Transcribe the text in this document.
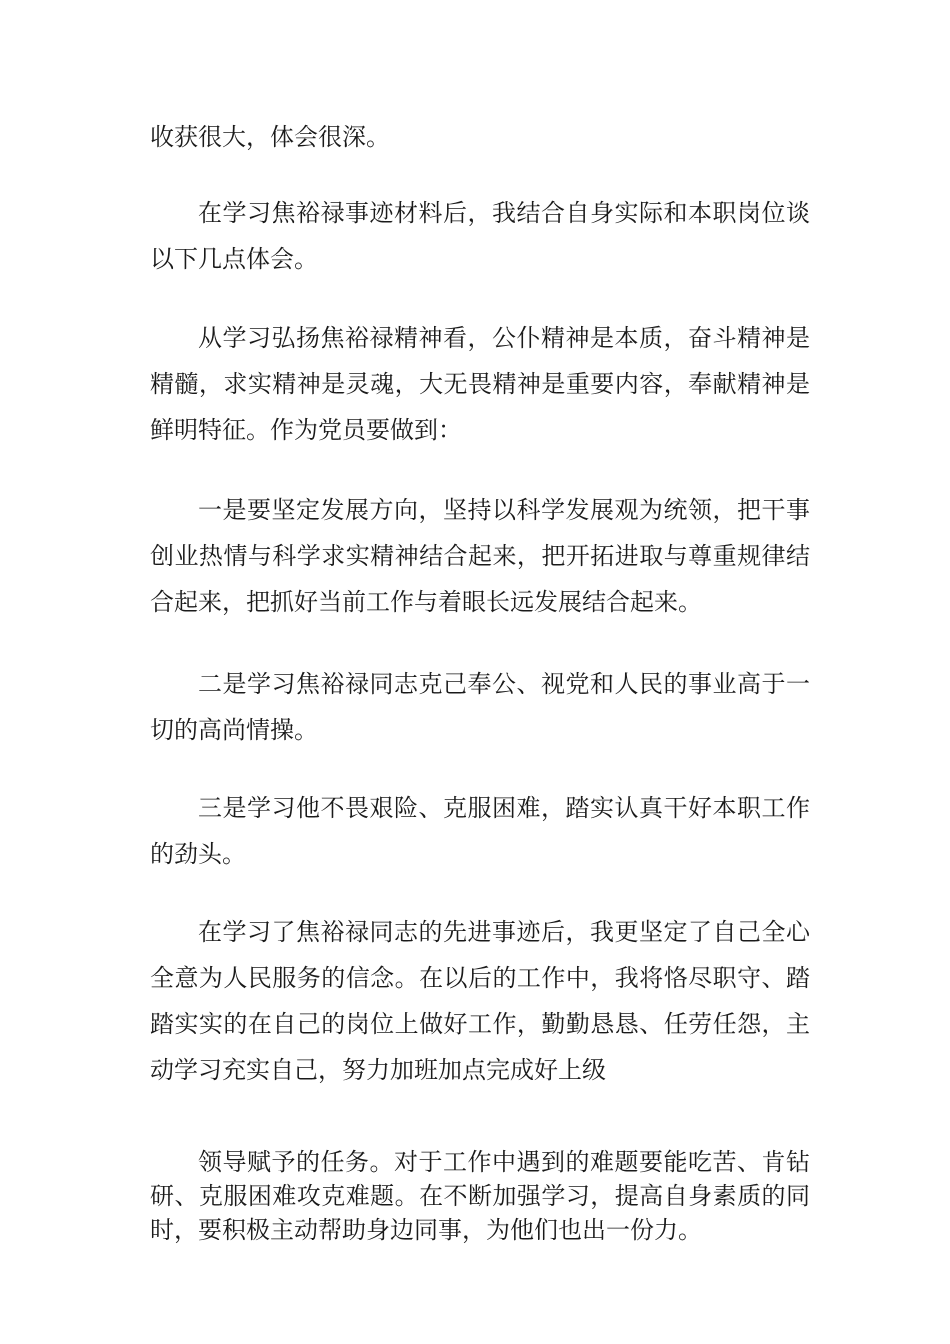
收获很大，体会很深。

在学习焦裕禄事迹材料后，我结合自身实际和本职岗位谈以下几点体会。

从学习弘扬焦裕禄精神看，公仆精神是本质，奋斗精神是精髓，求实精神是灵魂，大无畏精神是重要内容，奉献精神是鲜明特征。作为党员要做到：

一是要坚定发展方向，坚持以科学发展观为统领，把干事创业热情与科学求实精神结合起来，把开拓进取与尊重规律结合起来，把抓好当前工作与着眼长远发展结合起来。

二是学习焦裕禄同志克己奉公、视党和人民的事业高于一切的高尚情操。

三是学习他不畏艰险、克服困难，踏实认真干好本职工作的劲头。

在学习了焦裕禄同志的先进事迹后，我更坚定了自己全心全意为人民服务的信念。在以后的工作中，我将恪尽职守、踏踏实实的在自己的岗位上做好工作，勤勤恳恳、任劳任怨，主动学习充实自己，努力加班加点完成好上级

领导赋予的任务。对于工作中遇到的难题要能吃苦、肯钻研、克服困难攻克难题。在不断加强学习，提高自身素质的同时，要积极主动帮助身边同事，为他们也出一份力。
